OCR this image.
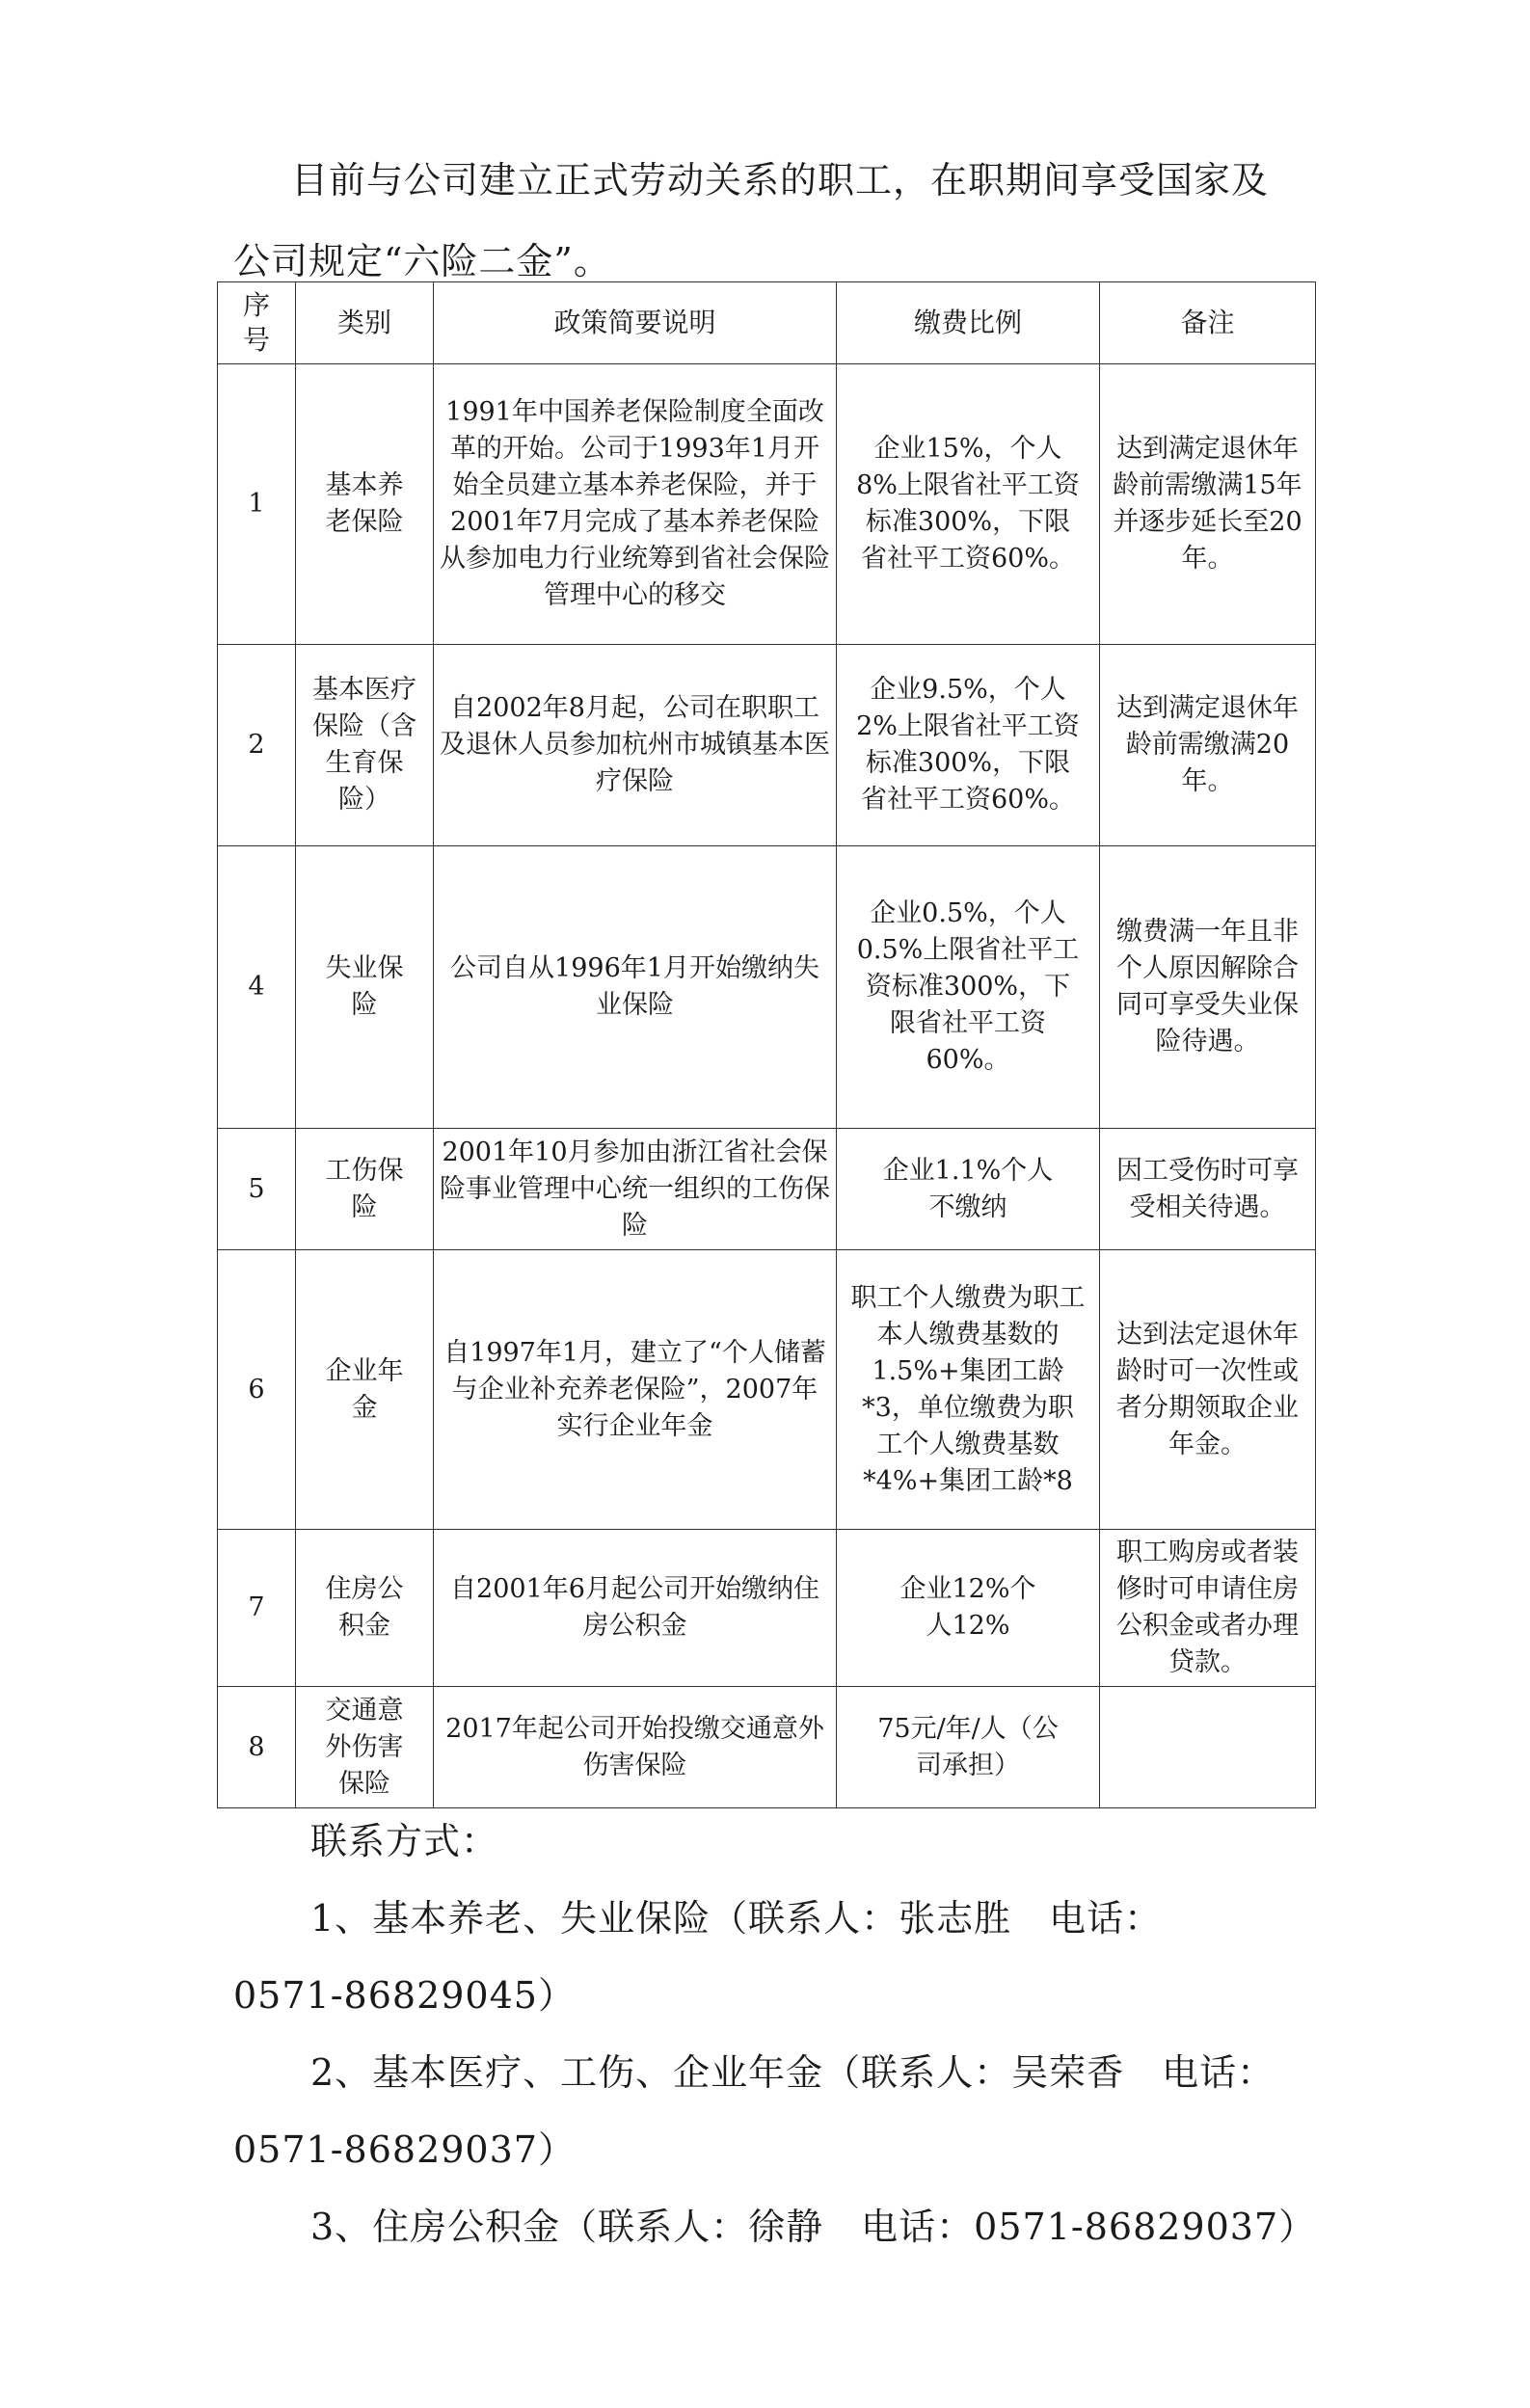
目前与公司建立正式劳动关系的职工，在职期间享受国家及
公司规定“六险二金”。
序号	类别	政策简要说明	缴费比例	备注
1	基本养老保险	1991年中国养老保险制度全面改革的开始。公司于1993年1月开始全员建立基本养老保险，并于2001年7月完成了基本养老保险从参加电力行业统筹到省社会保险管理中心的移交	企业15%，个人8%上限省社平工资标准300%，下限省社平工资60%。	达到满定退休年龄前需缴满15年并逐步延长至20年。
2	基本医疗保险（含生育保险）	自2002年8月起，公司在职职工及退休人员参加杭州市城镇基本医疗保险	企业9.5%，个人2%上限省社平工资标准300%，下限省社平工资60%。	达到满定退休年龄前需缴满20年。
4	失业保险	公司自从1996年1月开始缴纳失业保险	企业0.5%，个人0.5%上限省社平工资标准300%，下限省社平工资60%。	缴费满一年且非个人原因解除合同可享受失业保险待遇。
5	工伤保险	2001年10月参加由浙江省社会保险事业管理中心统一组织的工伤保险	企业1.1%个人不缴纳	因工受伤时可享受相关待遇。
6	企业年金	自1997年1月，建立了“个人储蓄与企业补充养老保险”，2007年实行企业年金	职工个人缴费为职工本人缴费基数的1.5%+集团工龄*3，单位缴费为职工个人缴费基数*4%+集团工龄*8	达到法定退休年龄时可一次性或者分期领取企业年金。
7	住房公积金	自2001年6月起公司开始缴纳住房公积金	企业12%个人12%	职工购房或者装修时可申请住房公积金或者办理贷款。
8	交通意外伤害保险	2017年起公司开始投缴交通意外伤害保险	75元/年/人（公司承担）	

联系方式：

1、基本养老、失业保险（联系人：张志胜　电话：

0571-86829045）

2、基本医疗、工伤、企业年金（联系人：吴荣香　电话：

0571-86829037）

3、住房公积金（联系人：徐静　电话：0571-86829037）
